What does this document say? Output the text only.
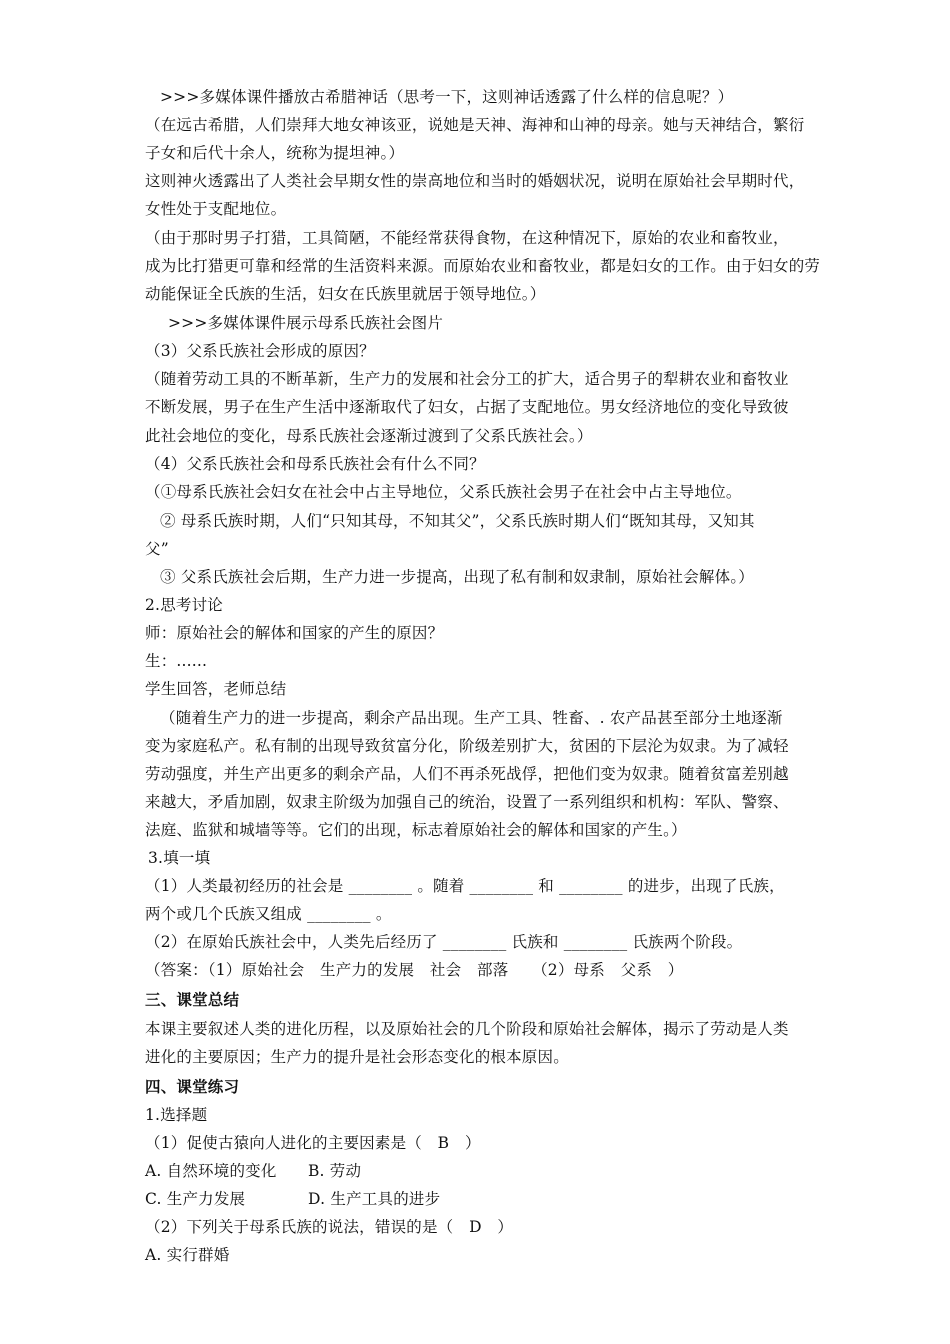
>>>多媒体课件播放古希腊神话（思考一下，这则神话透露了什么样的信息呢？）
（在远古希腊，人们崇拜大地女神该亚，说她是天神、海神和山神的母亲。她与天神结合，繁衍
子女和后代十余人，统称为提坦神。）
这则神火透露出了人类社会早期女性的崇高地位和当时的婚姻状况，说明在原始社会早期时代，
女性处于支配地位。
（由于那时男子打猎，工具简陋，不能经常获得食物，在这种情况下，原始的农业和畜牧业，
成为比打猎更可靠和经常的生活资料来源。而原始农业和畜牧业，都是妇女的工作。由于妇女的劳
动能保证全氏族的生活，妇女在氏族里就居于领导地位。）
>>>多媒体课件展示母系氏族社会图片
（3）父系氏族社会形成的原因？
（随着劳动工具的不断革新，生产力的发展和社会分工的扩大，适合男子的犁耕农业和畜牧业
不断发展，男子在生产生活中逐渐取代了妇女，占据了支配地位。男女经济地位的变化导致彼
此社会地位的变化，母系氏族社会逐渐过渡到了父系氏族社会。）
（4）父系氏族社会和母系氏族社会有什么不同？
（①母系氏族社会妇女在社会中占主导地位，父系氏族社会男子在社会中占主导地位。
② 母系氏族时期，人们“只知其母，不知其父”，父系氏族时期人们“既知其母，又知其
父”
③ 父系氏族社会后期，生产力进一步提高，出现了私有制和奴隶制，原始社会解体。）
2.思考讨论
师：原始社会的解体和国家的产生的原因？
生：......
学生回答，老师总结
（随着生产力的进一步提高，剩余产品出现。生产工具、牲畜、. 农产品甚至部分土地逐渐
变为家庭私产。私有制的出现导致贫富分化，阶级差别扩大，贫困的下层沦为奴隶。为了减轻
劳动强度，并生产出更多的剩余产品，人们不再杀死战俘，把他们变为奴隶。随着贫富差别越
来越大，矛盾加剧，奴隶主阶级为加强自己的统治，设置了一系列组织和机构：军队、警察、
法庭、监狱和城墙等等。它们的出现，标志着原始社会的解体和国家的产生。）
3.填一填
（1）人类最初经历的社会是 ________ 。随着 ________ 和 ________ 的进步，出现了氏族，
两个或几个氏族又组成 ________ 。
（2）在原始氏族社会中，人类先后经历了 ________ 氏族和 ________ 氏族两个阶段。
（答案：（1）原始社会　生产力的发展　社会　部落　　（2）母系　父系　）
三、课堂总结
本课主要叙述人类的进化历程，以及原始社会的几个阶段和原始社会解体，揭示了劳动是人类
进化的主要原因；生产力的提升是社会形态变化的根本原因。
四、课堂练习
1.选择题
（1）促使古猿向人进化的主要因素是（　B　）
A. 自然环境的变化　　B. 劳动
C. 生产力发展　　　　D. 生产工具的进步
（2）下列关于母系氏族的说法，错误的是（　D　）
A. 实行群婚
